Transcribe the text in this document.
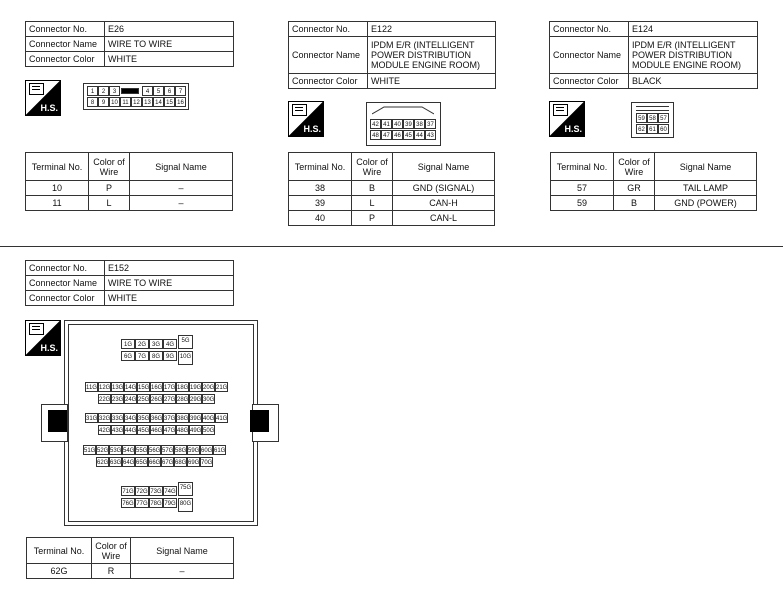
Connector No.	E26
Connector Name	WIRE TO WIRE
Connector Color	WHITE
H.S.
1	2	3	4	5	6	7
8	9 10 11 12 13 14 15 16
Terminal No.	Color of Wire	Signal Name
10	P	–
11	L	–
Connector No.	E122
Connector Name	IPDM E/R (INTELLIGENT POWER DISTRIBUTION MODULE ENGINE ROOM)
Connector Color	WHITE
H.S.	42 41 40 39 38 37
48 47 46 45 44 43
Terminal No.	Color of Wire	Signal Name
38	B	GND (SIGNAL)
39	L	CAN-H
40	P	CAN-L
Connector No.	E124
Connector Name	IPDM E/R (INTELLIGENT POWER DISTRIBUTION MODULE ENGINE ROOM)
Connector Color	BLACK
H.S.
59 58 57
62 61 60
Terminal No.	Color of Wire	Signal Name
57	GR	TAIL LAMP
59	B	GND (POWER)
Connector No.	E152
Connector Name	WIRE TO WIRE
Connector Color	WHITE
H.S.	1G 2G 3G 4G
5G
6G 7G 8G 9G 10G
11G 12G 13G 14G 15G 16G 17G 18G 19G 20G 21G
22G 23G 24G 25G 26G 27G 28G 29G 30G
31G 32G 33G 34G 35G 36G 37G 38G 39G 40G 41G
42G 43G 44G 45G 46G 47G 48G 49G 50G
51G 52G 53G 54G 55G 56G 57G 58G 59G 60G 61G
62G 63G 64G 65G 66G 67G 68G 69G 70G
71G 72G 73G 74G
75G
76G 77G 78G 79G 80G
Terminal No.	Color of Wire	Signal Name
62G	R	–
